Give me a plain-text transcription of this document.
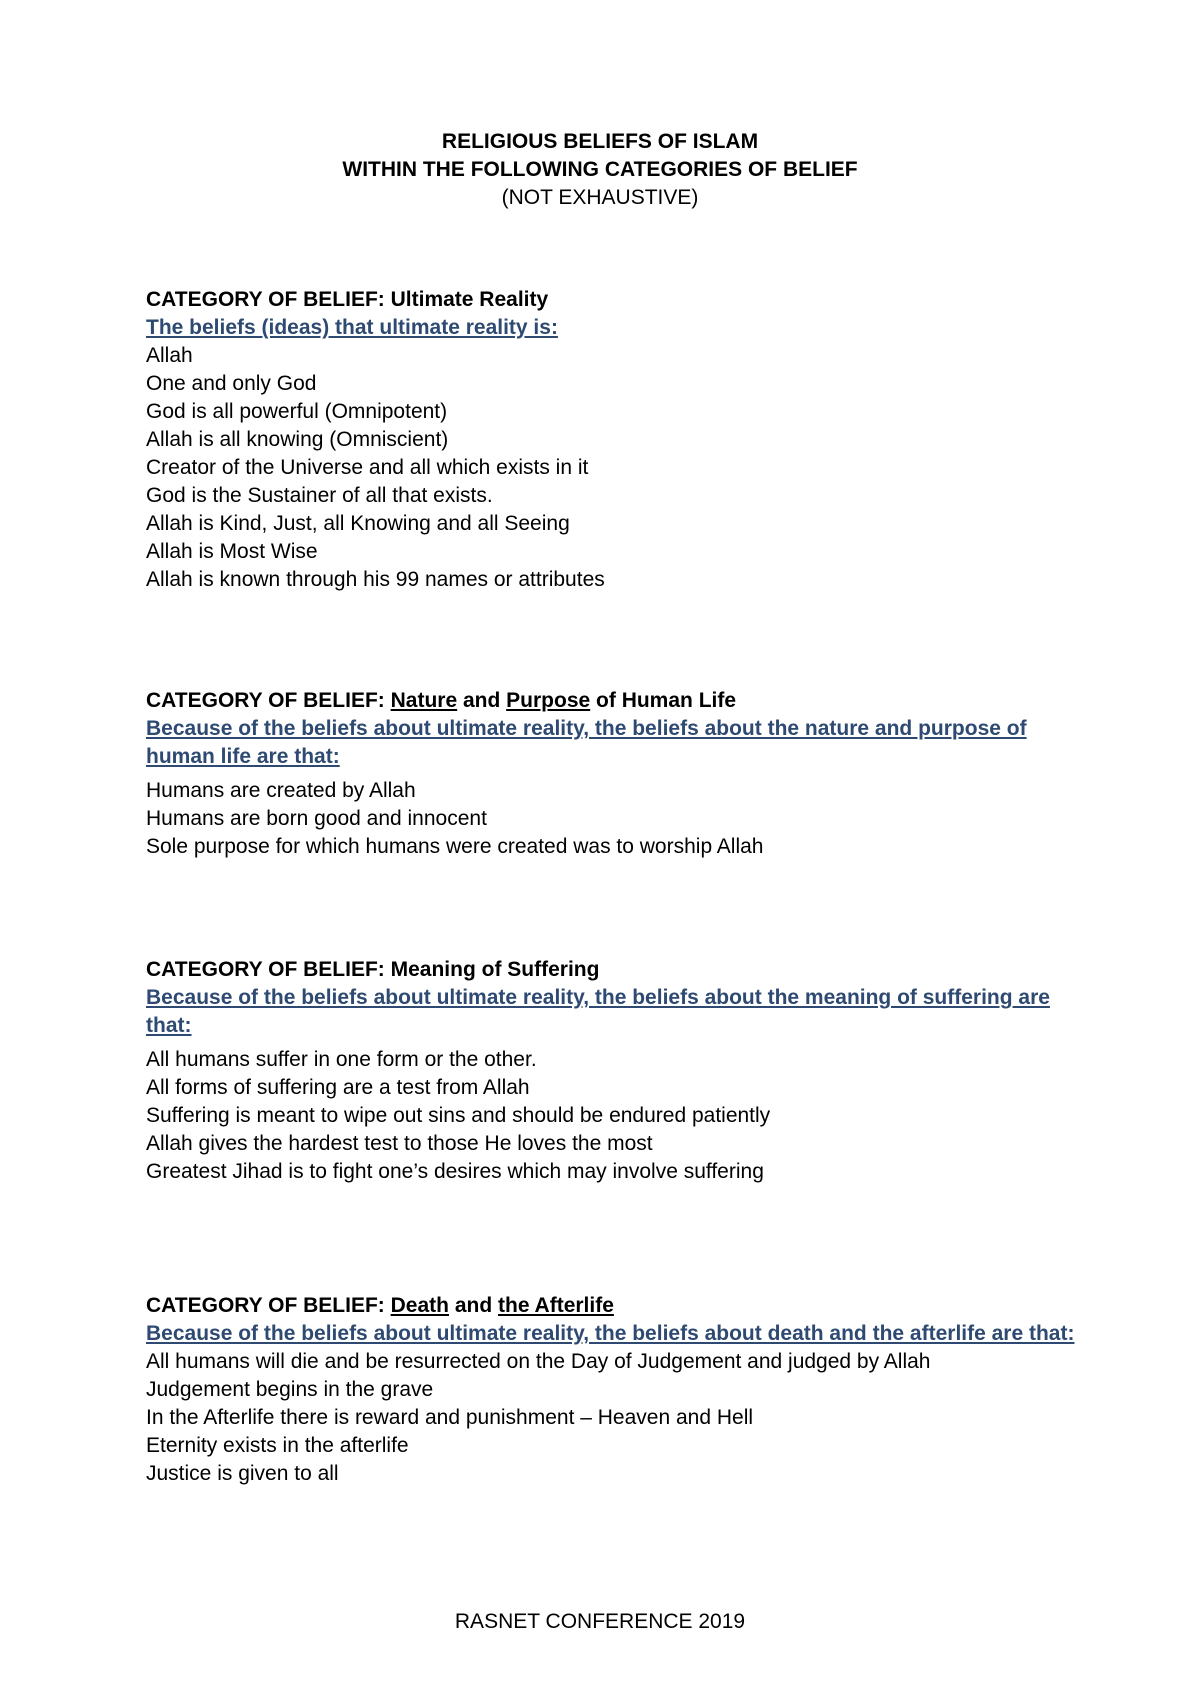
RELIGIOUS BELIEFS OF ISLAM
WITHIN THE FOLLOWING CATEGORIES OF BELIEF
(NOT EXHAUSTIVE)

CATEGORY OF BELIEF: Ultimate Reality

The beliefs (ideas) that ultimate reality is:

Allah
One and only God
God is all powerful (Omnipotent)
Allah is all knowing (Omniscient)
Creator of the Universe and all which exists in it
God is the Sustainer of all that exists.
Allah is Kind, Just, all Knowing and all Seeing
Allah is Most Wise
Allah is known through his 99 names or attributes

CATEGORY OF BELIEF: Nature and Purpose of Human Life

Because of the beliefs about ultimate reality, the beliefs about the nature and purpose of human life are that:

Humans are created by Allah
Humans are born good and innocent
Sole purpose for which humans were created was to worship Allah

CATEGORY OF BELIEF: Meaning of Suffering

Because of the beliefs about ultimate reality, the beliefs about the meaning of suffering are that:

All humans suffer in one form or the other.
All forms of suffering are a test from Allah
Suffering is meant to wipe out sins and should be endured patiently
Allah gives the hardest test to those He loves the most
Greatest Jihad is to fight one’s desires which may involve suffering

CATEGORY OF BELIEF: Death and the Afterlife

Because of the beliefs about ultimate reality, the beliefs about death and the afterlife are that:

All humans will die and be resurrected on the Day of Judgement and judged by Allah
Judgement begins in the grave
In the Afterlife there is reward and punishment – Heaven and Hell
Eternity exists in the afterlife
Justice is given to all
RASNET CONFERENCE 2019
